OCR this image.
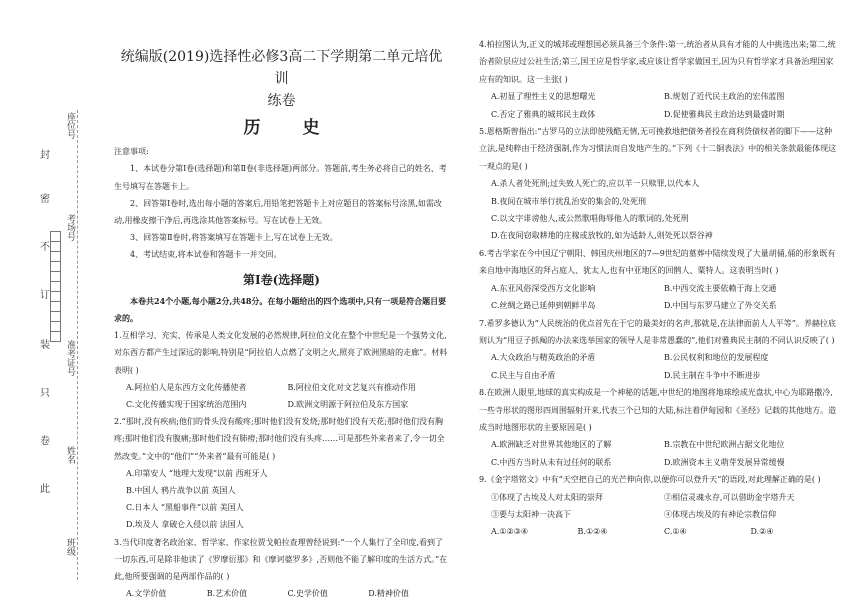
座位号
考场号
准考证号
姓名
班级
封
密
不
订
装
只
卷
此
统编版(2019)选择性必修3高二下学期第二单元培优训
练卷
历 史

注意事项:

1、本试卷分第Ⅰ卷(选择题)和第Ⅱ卷(非选择题)两部分。答题前,考生务必将自己的姓名、考生号填写在答题卡上。

2、回答第Ⅰ卷时,选出每小题的答案后,用铅笔把答题卡上对应题目的答案标号涂黑,如需改动,用橡皮擦干净后,再选涂其他答案标号。写在试卷上无效。

3、回答第Ⅱ卷时,将答案填写在答题卡上,写在试卷上无效。

4、考试结束,将本试卷和答题卡一并交回。

第Ⅰ卷(选择题)

本卷共24个小题,每小题2分,共48分。在每小题给出的四个选项中,只有一项是符合题目要求的。

1.互相学习、充实、传承是人类文化发展的必然规律,阿拉伯文化在整个中世纪是一个强势文化,对东西方都产生过深远的影响,特别是“阿拉伯人点燃了文明之火,照亮了欧洲黑暗的走廊”。材料表明( )

A.阿拉伯人是东西方文化传播使者	B.阿拉伯文化对文艺复兴有推动作用
C.文化传播实现于国家统治范围内	D.欧洲文明源于阿拉伯及东方国家

2.“那时,没有疾病;他们的骨头没有酸疼;那时他们没有发烧;那时他们没有天花;那时他们没有胸疼;那时他们没有腹痛;那时他们没有肺痨;那时他们没有头疼……可是那些外来者来了,令一切全然改变。”文中的“他们”“外来者”最有可能是( )

A.印第安人 “地理大发现”以前 西班牙人
B.中国人 鸦片战争以前 英国人
C.日本人 “黑船事件”以前 美国人
D.埃及人 拿破仑入侵以前 法国人

3.当代印度著名政治家、哲学家、作家拉贾戈帕拉查理曾经说到:“一个人集行了全印度,看到了一切东西,可是除非他读了《罗摩衍那》和《摩诃婆罗多》,否则他不能了解印度的生活方式。”在此,他所要强调的是两部作品的( )

A.文学价值	B.艺术价值	C.史学价值	D.精神价值

4.柏拉图认为,正义的城邦或理想国必须具备三个条件:第一,统治者从具有才能的人中挑选出来;第二,统治者阶层应过公社生活;第三,国王应是哲学家,或应该让哲学家做国王,因为只有哲学家才具备治理国家应有的知识。这一主张( )

A.初显了理性主义的思想曙光	B.规划了近代民主政治的宏伟蓝图
C.否定了雅典的城邦民主政体	D.促使雅典民主政治达到最盛时期

5.恩格斯曾指出:“古罗马的立法即使残酷无情,无可挽救地把债务者投在商利贷债权者的脚下——这种立法,是纯粹由于经济强制,作为习惯法而自发地产生的。”下列《十二铜表法》中的相关条款最能体现这一观点的是( )

A.杀人者处死刑;过失致人死亡的,应以羊一只赎罪,以代本人
B.夜间在城市举行扰乱治安的集会的,处死刑
C.以文字诽谤他人,或公然歌唱侮辱他人的歌词的,处死刑
D.在夜间窃取耕地的庄稼或放牧的,如为适龄人,则处死以祭谷神

6.考古学家在今中国辽宁朝阳、韩国庆州地区的7—9世纪的墓葬中陆续发现了大量胡俑,俑的形象既有来自地中海地区的拜占庭人、犹太人,也有中亚地区的回鹘人、粟特人。这表明当时( )

A.东亚风俗深受西方文化影响	B.中西交流主要依赖于海上交通
C.丝绸之路已延伸到朝鲜半岛	D.中国与东罗马建立了外交关系

7.希罗多德认为“人民统治的优点首先在于它的最美好的名声,那就是,在法律面前人人平等”。养赫拉底则认为“用豆子抓阄的办法来选举国家的领导人是非常愚蠢的”,他们对雅典民主制的不同认识反映了( )

A.大众政治与精英政治的矛盾	B.公民权利和地位的发展程度
C.民主与自由矛盾	D.民主制在斗争中不断进步

8.在欧洲人眼里,地球的真实构成是一个神秘的话题,中世纪的地图将地球绘成光盘状,中心为耶路撒冷,一些寺形状的图形四周围辐射开来,代表三个已知的大陆,标注着伊甸园和《圣经》记载的其他地方。造成当时地图形状的主要原因是( )

A.欧洲缺乏对世界其他地区的了解	B.宗教在中世纪欧洲占据文化地位
C.中西方当时从未有过任何的联系	D.欧洲资本主义萌芽发展异常缓慢

9.《金字塔铭文》中有“天空把自己的光芒伸向你,以便你可以登升天”的语段,对此理解正确的是( )

①体现了古埃及人对太阳的崇拜	②相信灵魂永存,可以借助金字塔升天
③要与太阳神一决高下	④体现古埃及的有神论宗教信仰
A.①②③④	B.①②④	C.①④	D.②④
